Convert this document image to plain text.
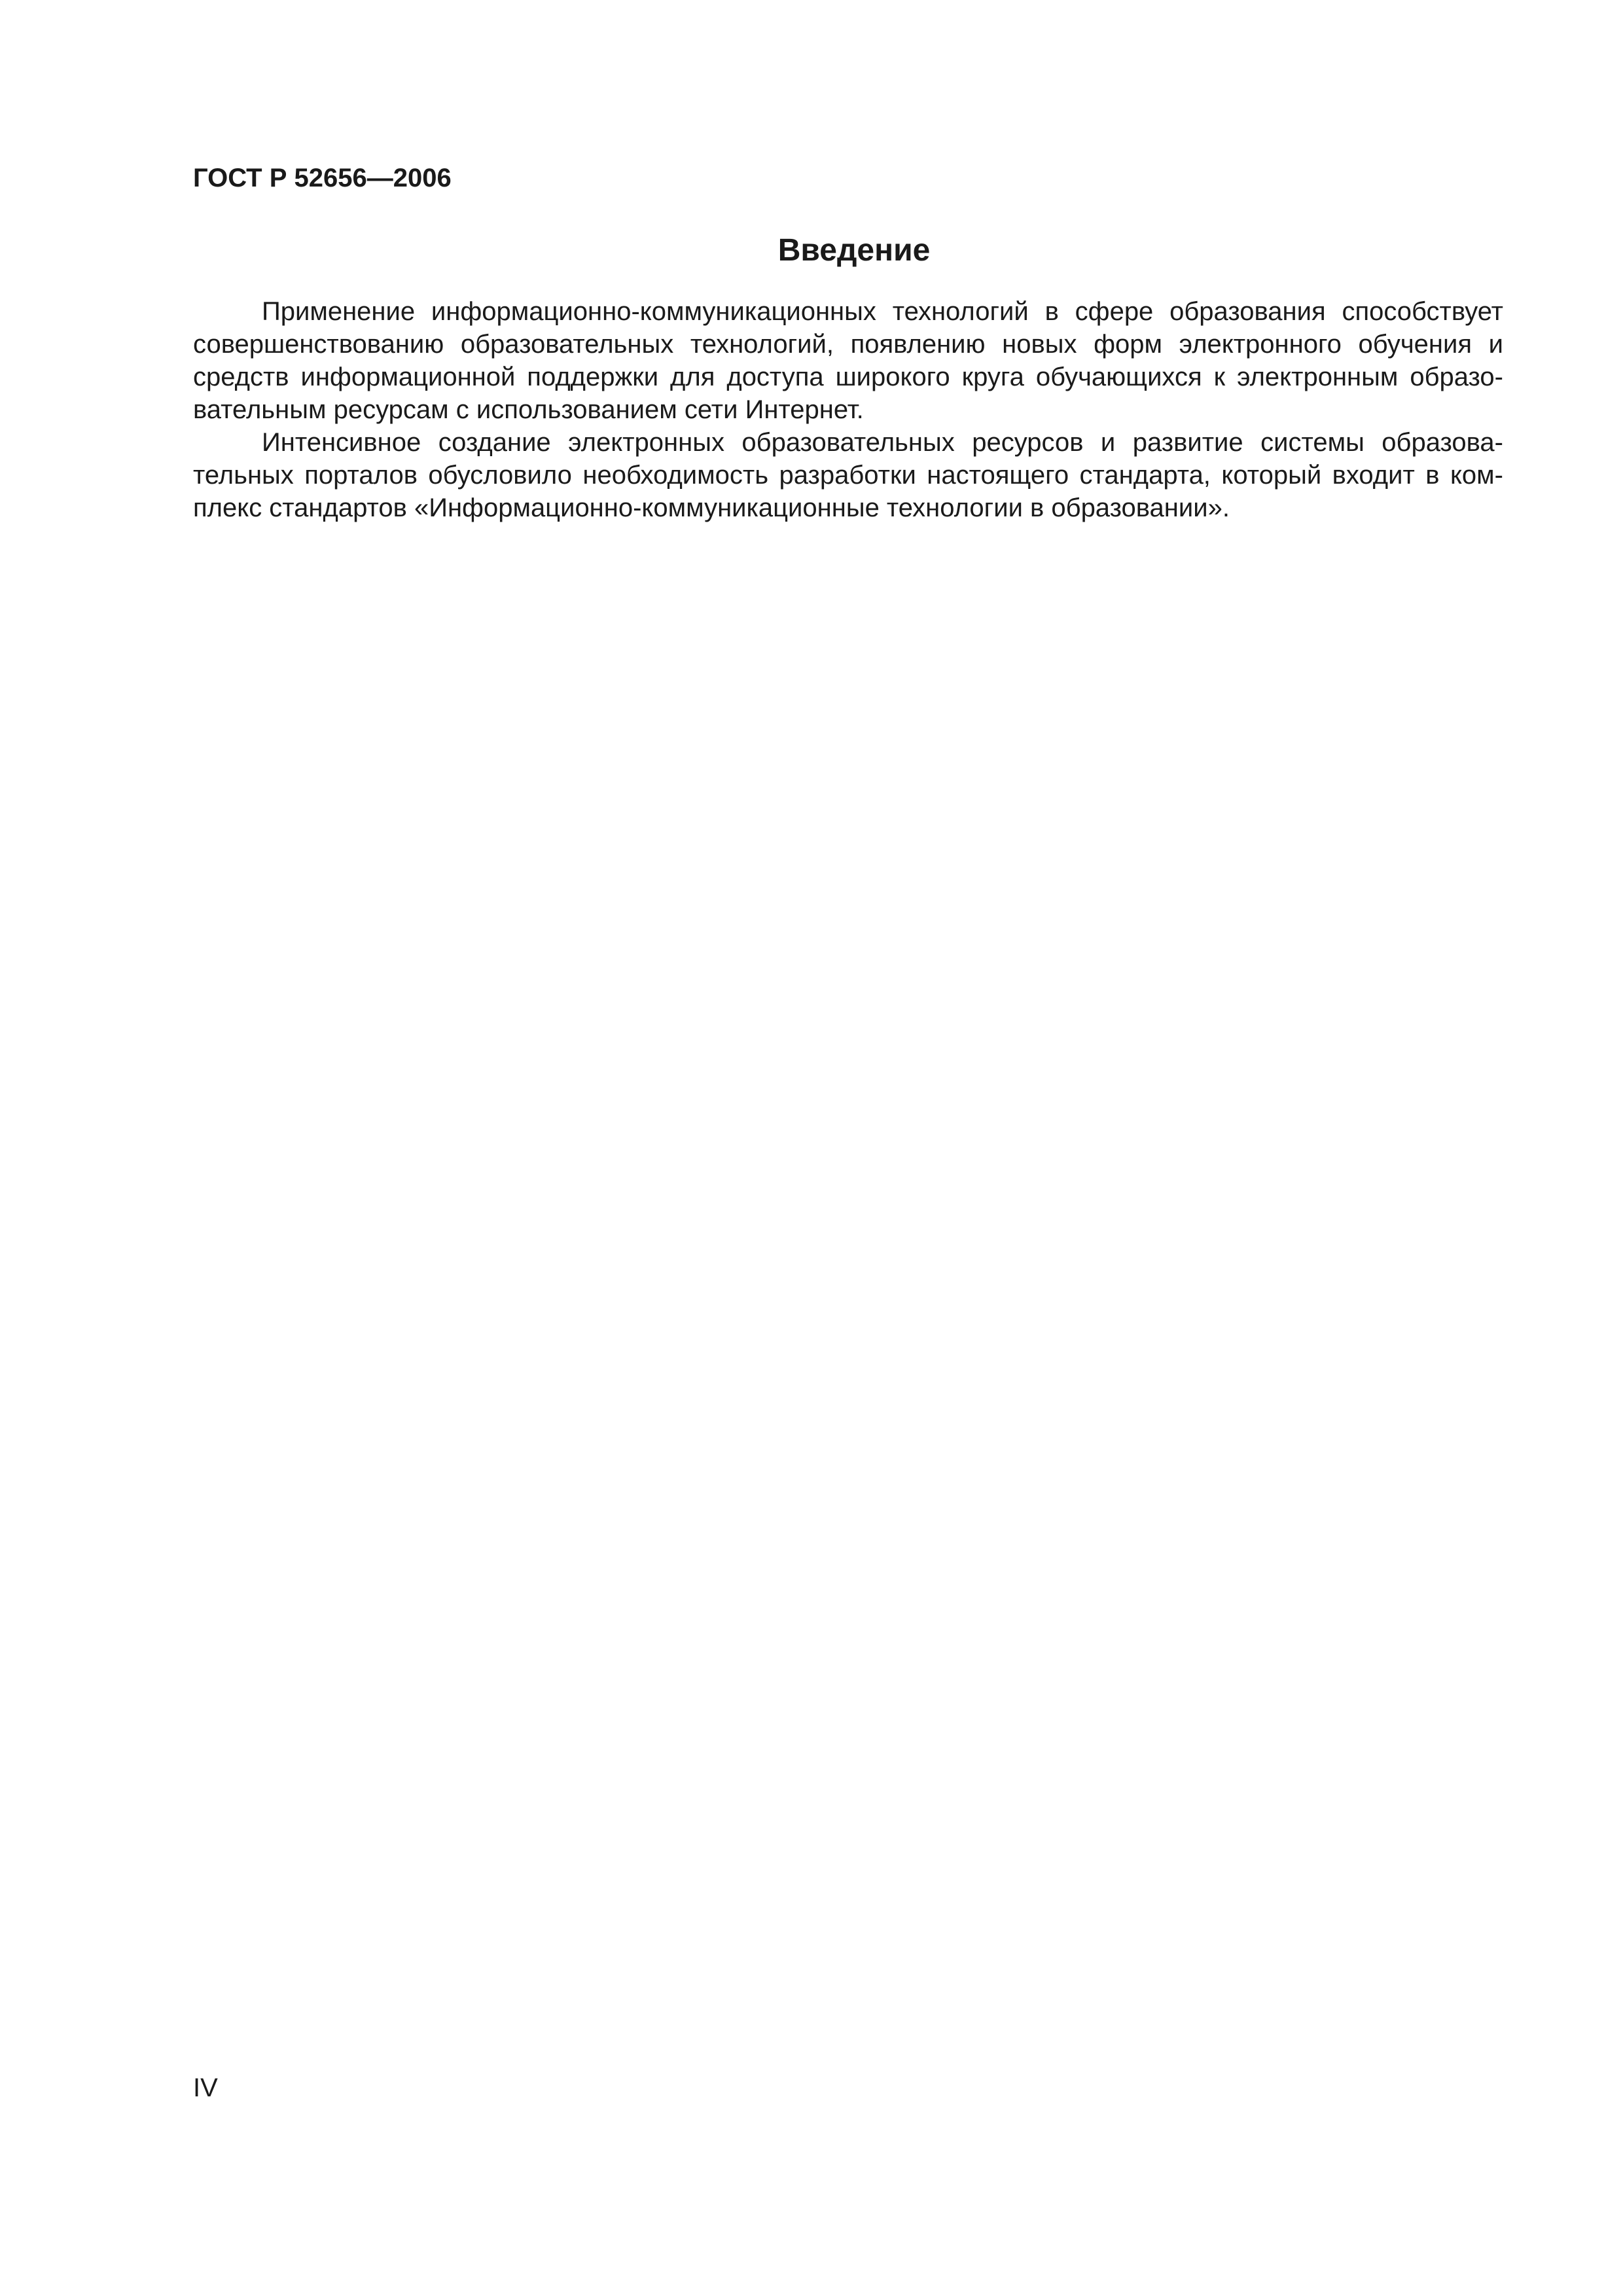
ГОСТ Р 52656—2006
Введение

Применение информационно-коммуникационных технологий в сфере образования способствует
совершенствованию образовательных технологий, появлению новых форм электронного обучения и
средств информационной поддержки для доступа широкого круга обучающихся к электронным образо-
вательным ресурсам с использованием сети Интернет.

Интенсивное создание электронных образовательных ресурсов и развитие системы образова-
тельных порталов обусловило необходимость разработки настоящего стандарта, который входит в ком-
плекс стандартов «Информационно-коммуникационные технологии в образовании».

IV
